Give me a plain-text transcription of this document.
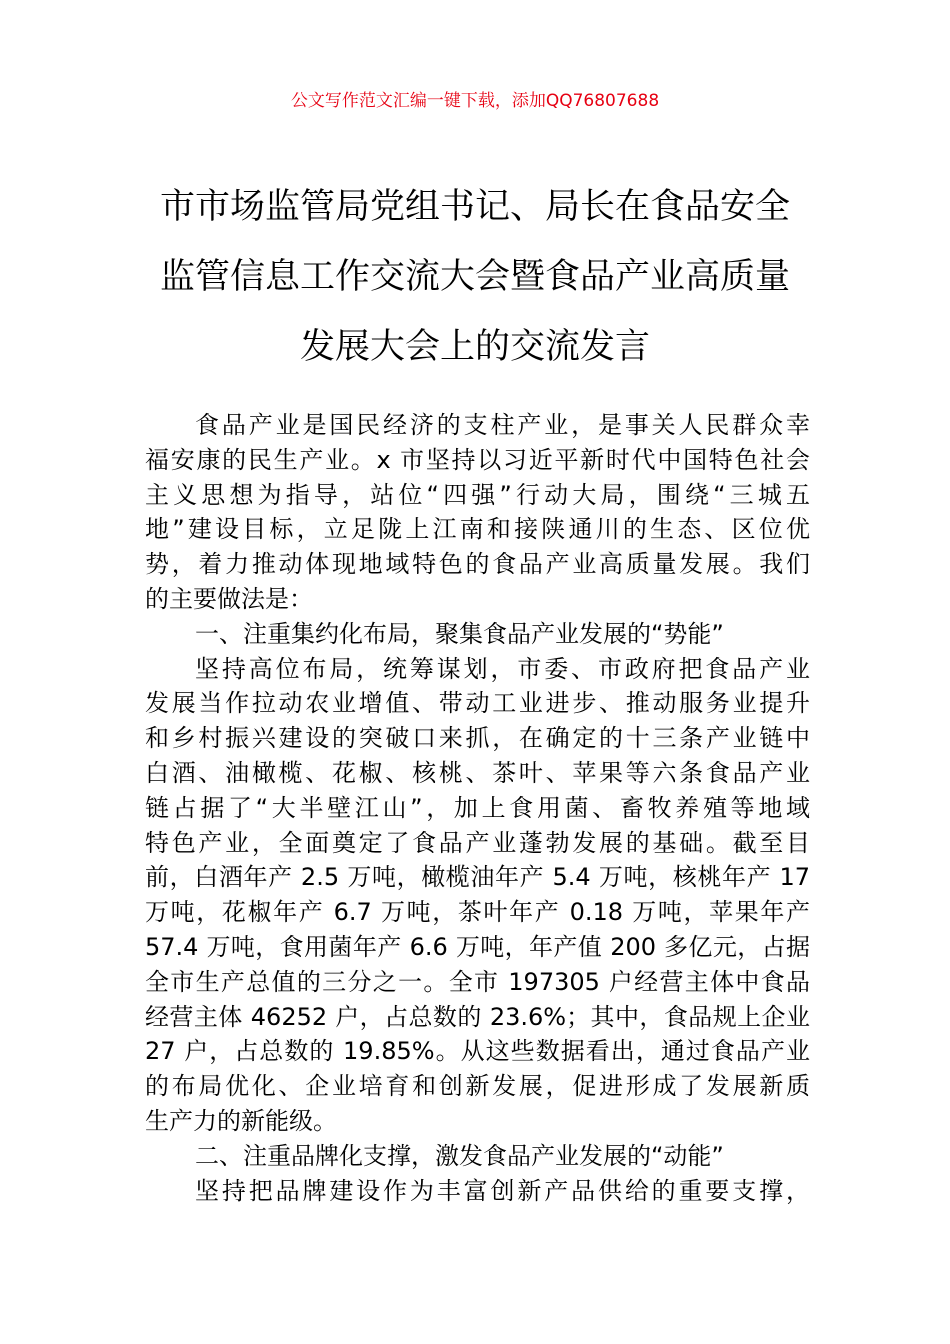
公文写作范文汇编一键下载，添加QQ76807688
市市场监管局党组书记、局长在食品安全
监管信息工作交流大会暨食品产业高质量
发展大会上的交流发言
食品产业是国民经济的支柱产业，是事关人民群众幸
福安康的民生产业。x 市坚持以习近平新时代中国特色社会
主义思想为指导，站位“四强”行动大局，围绕“三城五
地”建设目标，立足陇上江南和接陕通川的生态、区位优
势，着力推动体现地域特色的食品产业高质量发展。我们
的主要做法是：
一、注重集约化布局，聚集食品产业发展的“势能”
坚持高位布局，统筹谋划，市委、市政府把食品产业
发展当作拉动农业增值、带动工业进步、推动服务业提升
和乡村振兴建设的突破口来抓，在确定的十三条产业链中
白酒、油橄榄、花椒、核桃、茶叶、苹果等六条食品产业
链占据了“大半壁江山”，加上食用菌、畜牧养殖等地域
特色产业，全面奠定了食品产业蓬勃发展的基础。截至目
前，白酒年产 2.5 万吨，橄榄油年产 5.4 万吨，核桃年产 17
万吨，花椒年产 6.7 万吨，茶叶年产 0.18 万吨，苹果年产
57.4 万吨，食用菌年产 6.6 万吨，年产值 200 多亿元，占据
全市生产总值的三分之一。全市 197305 户经营主体中食品
经营主体 46252 户，占总数的 23.6%；其中，食品规上企业
27 户，占总数的 19.85%。从这些数据看出，通过食品产业
的布局优化、企业培育和创新发展，促进形成了发展新质
生产力的新能级。
二、注重品牌化支撑，激发食品产业发展的“动能”
坚持把品牌建设作为丰富创新产品供给的重要支撑，
